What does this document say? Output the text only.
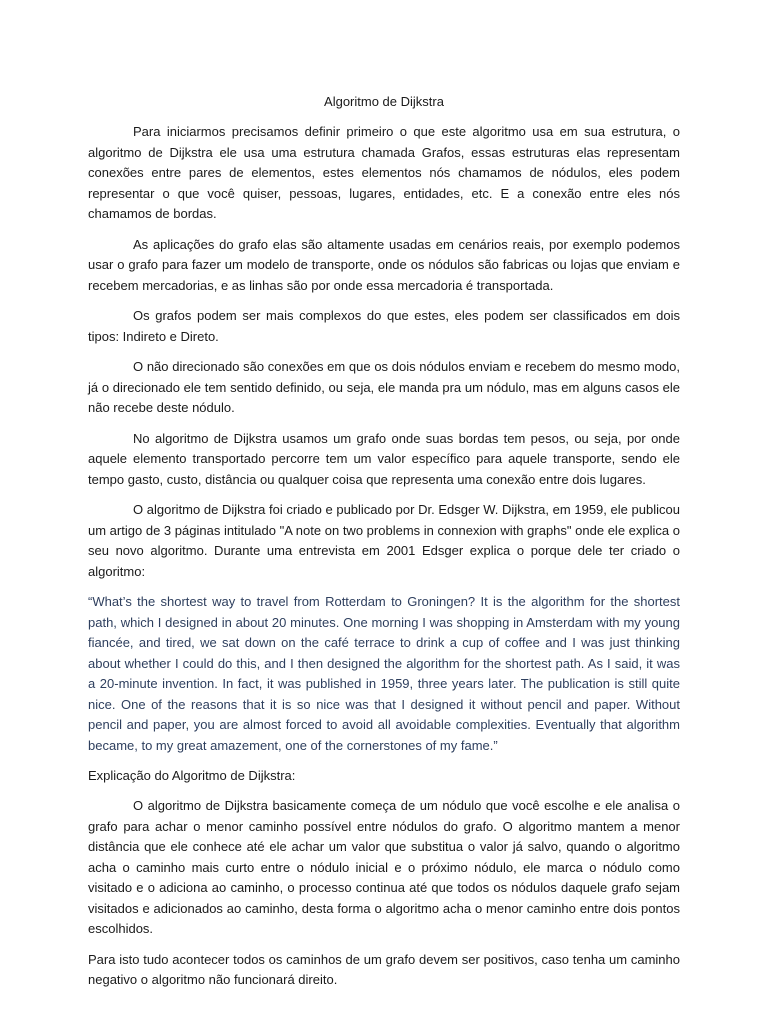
Algoritmo de Dijkstra

Para iniciarmos precisamos definir primeiro o que este algoritmo usa em sua estrutura, o algoritmo de Dijkstra ele usa uma estrutura chamada Grafos, essas estruturas elas representam conexões entre pares de elementos, estes elementos nós chamamos de nódulos, eles podem representar o que você quiser, pessoas, lugares, entidades, etc. E a conexão entre eles nós chamamos de bordas.

As aplicações do grafo elas são altamente usadas em cenários reais, por exemplo podemos usar o grafo para fazer um modelo de transporte, onde os nódulos são fabricas ou lojas que enviam e recebem mercadorias, e as linhas são por onde essa mercadoria é transportada.

Os grafos podem ser mais complexos do que estes, eles podem ser classificados em dois tipos: Indireto e Direto.

O não direcionado são conexões em que os dois nódulos enviam e recebem do mesmo modo, já o direcionado ele tem sentido definido, ou seja, ele manda pra um nódulo, mas em alguns casos ele não recebe deste nódulo.

No algoritmo de Dijkstra usamos um grafo onde suas bordas tem pesos, ou seja, por onde aquele elemento transportado percorre tem um valor específico para aquele transporte, sendo ele tempo gasto, custo, distância ou qualquer coisa que representa uma conexão entre dois lugares.

O algoritmo de Dijkstra foi criado e publicado por Dr. Edsger W. Dijkstra, em 1959, ele publicou um artigo de 3 páginas intitulado "A note on two problems in connexion with graphs" onde ele explica o seu novo algoritmo. Durante uma entrevista em 2001 Edsger explica o porque dele ter criado o algoritmo:

“What’s the shortest way to travel from Rotterdam to Groningen? It is the algorithm for the shortest path, which I designed in about 20 minutes. One morning I was shopping in Amsterdam with my young fiancée, and tired, we sat down on the café terrace to drink a cup of coffee and I was just thinking about whether I could do this, and I then designed the algorithm for the shortest path. As I said, it was a 20-minute invention. In fact, it was published in 1959, three years later. The publication is still quite nice. One of the reasons that it is so nice was that I designed it without pencil and paper. Without pencil and paper, you are almost forced to avoid all avoidable complexities. Eventually that algorithm became, to my great amazement, one of the cornerstones of my fame.”

Explicação do Algoritmo de Dijkstra:

O algoritmo de Dijkstra basicamente começa de um nódulo que você escolhe e ele analisa o grafo para achar o menor caminho possível entre nódulos do grafo. O algoritmo mantem a menor distância que ele conhece até ele achar um valor que substitua o valor já salvo, quando o algoritmo acha o caminho mais curto entre o nódulo inicial e o próximo nódulo, ele marca o nódulo como visitado e o adiciona ao caminho, o processo continua até que todos os nódulos daquele grafo sejam visitados e adicionados ao caminho, desta forma o algoritmo acha o menor caminho entre dois pontos escolhidos.

Para isto tudo acontecer todos os caminhos de um grafo devem ser positivos, caso tenha um caminho negativo o algoritmo não funcionará direito.
